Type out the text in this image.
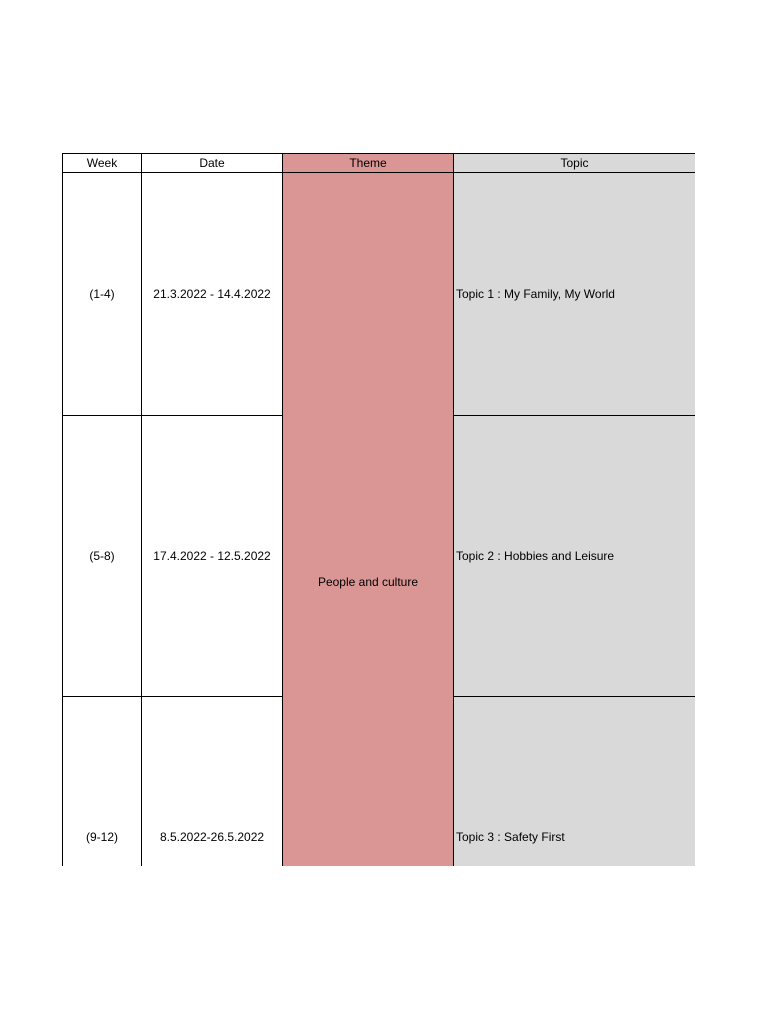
Week	Date	Theme	Topic
(1-4)	21.3.2022 - 14.4.2022	People and culture	Topic 1 : My Family, My World
(5-8)	17.4.2022 - 12.5.2022		Topic 2 : Hobbies and Leisure

(9-12)	8.5.2022-26.5.2022		Topic 3 : Safety First
